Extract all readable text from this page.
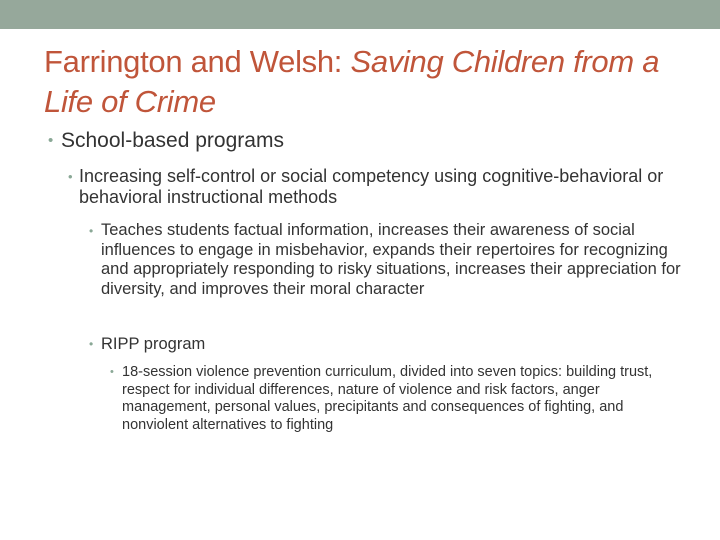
Farrington and Welsh: Saving Children from a Life of Crime
• School-based programs
• Increasing self-control or social competency using cognitive-behavioral or behavioral instructional methods
• Teaches students factual information, increases their awareness of social influences to engage in misbehavior, expands their repertoires for recognizing and appropriately responding to risky situations, increases their appreciation for diversity, and improves their moral character
• RIPP program
• 18-session violence prevention curriculum, divided into seven topics: building trust, respect for individual differences, nature of violence and risk factors, anger management, personal values, precipitants and consequences of fighting, and nonviolent alternatives to fighting
